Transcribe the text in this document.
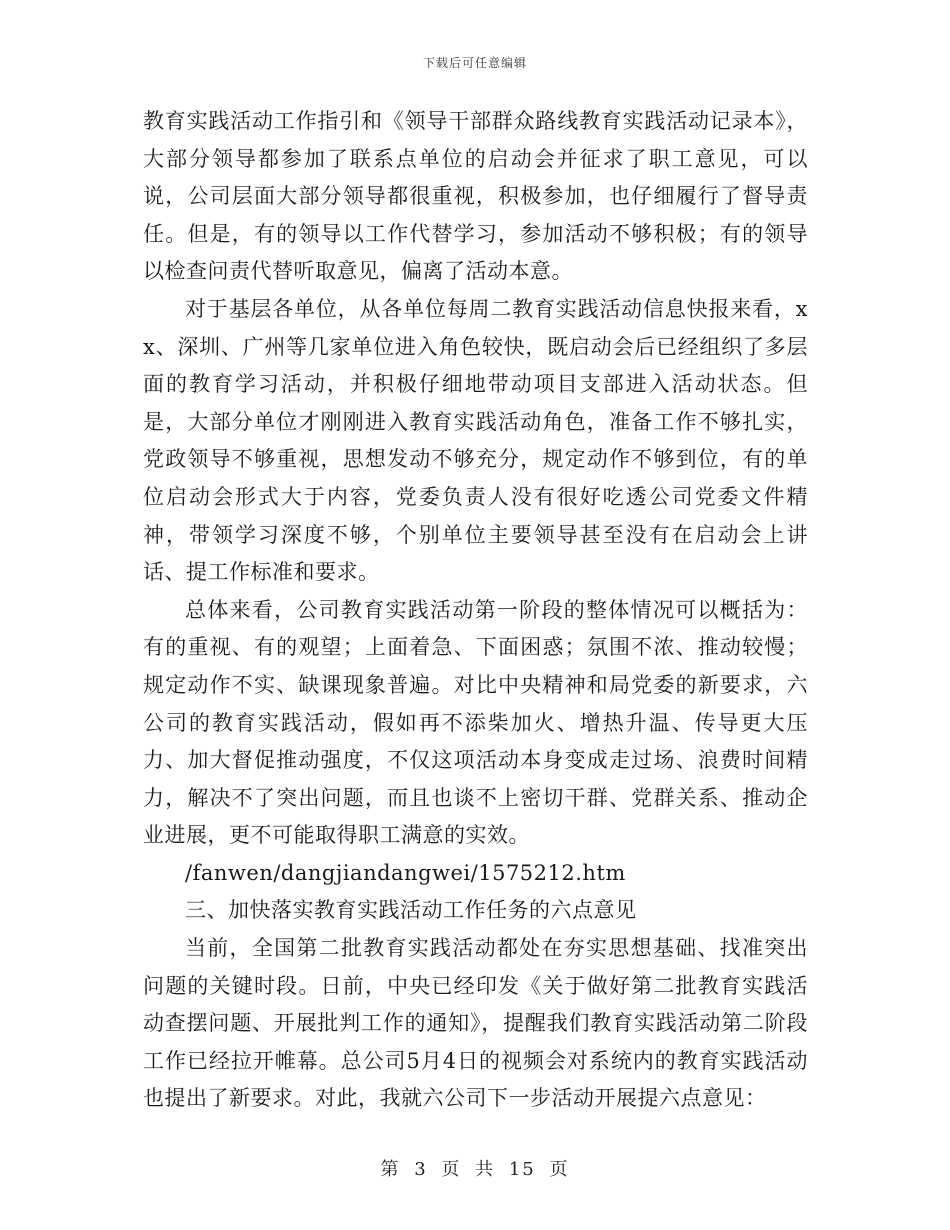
下载后可任意编辑

教育实践活动工作指引和《领导干部群众路线教育实践活动记录本》，大部分领导都参加了联系点单位的启动会并征求了职工意见，可以说，公司层面大部分领导都很重视，积极参加，也仔细履行了督导责任。但是，有的领导以工作代替学习，参加活动不够积极；有的领导以检查问责代替听取意见，偏离了活动本意。

对于基层各单位，从各单位每周二教育实践活动信息快报来看，xx、深圳、广州等几家单位进入角色较快，既启动会后已经组织了多层面的教育学习活动，并积极仔细地带动项目支部进入活动状态。但是，大部分单位才刚刚进入教育实践活动角色，准备工作不够扎实，党政领导不够重视，思想发动不够充分，规定动作不够到位，有的单位启动会形式大于内容，党委负责人没有很好吃透公司党委文件精神，带领学习深度不够，个别单位主要领导甚至没有在启动会上讲话、提工作标准和要求。

总体来看，公司教育实践活动第一阶段的整体情况可以概括为：有的重视、有的观望；上面着急、下面困惑；氛围不浓、推动较慢；规定动作不实、缺课现象普遍。对比中央精神和局党委的新要求，六公司的教育实践活动，假如再不添柴加火、增热升温、传导更大压力、加大督促推动强度，不仅这项活动本身变成走过场、浪费时间精力，解决不了突出问题，而且也谈不上密切干群、党群关系、推动企业进展，更不可能取得职工满意的实效。

/fanwen/dangjiandangwei/1575212.htm

三、加快落实教育实践活动工作任务的六点意见

当前，全国第二批教育实践活动都处在夯实思想基础、找准突出问题的关键时段。日前，中央已经印发《关于做好第二批教育实践活动查摆问题、开展批判工作的通知》，提醒我们教育实践活动第二阶段工作已经拉开帷幕。总公司5月4日的视频会对系统内的教育实践活动也提出了新要求。对此，我就六公司下一步活动开展提六点意见：

第 3 页 共 15 页
